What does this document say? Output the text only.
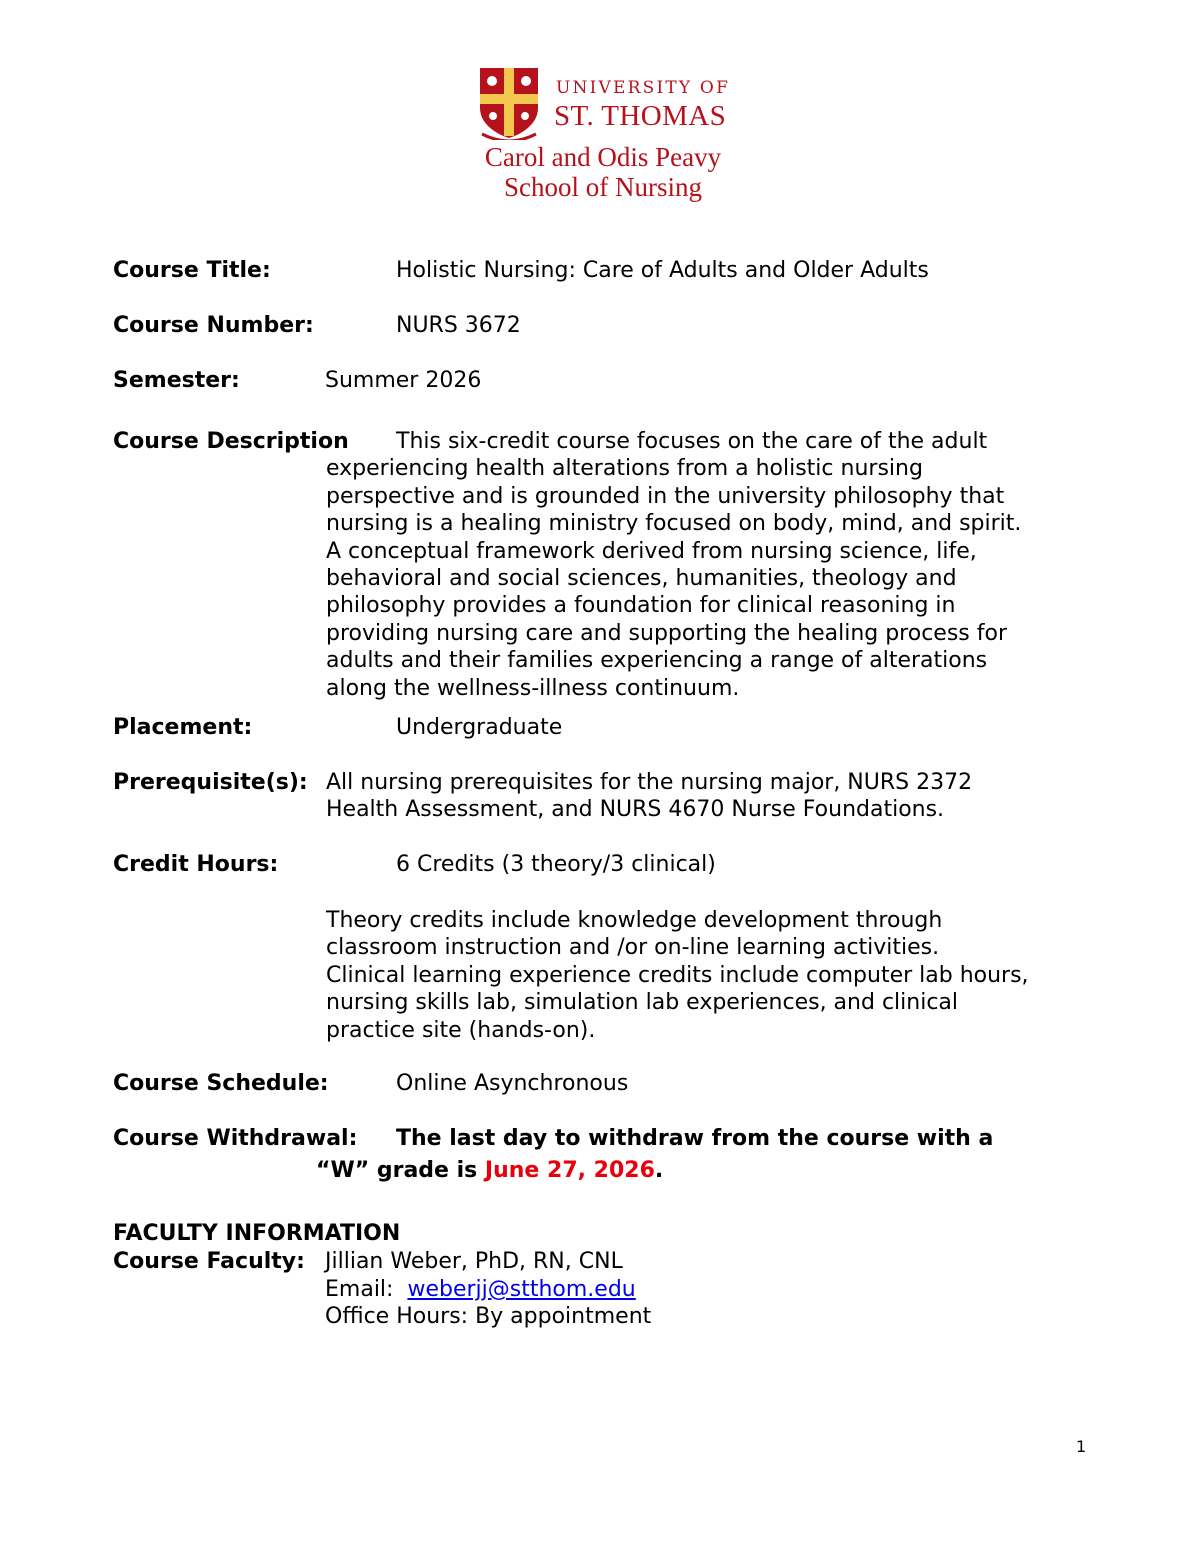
UNIVERSITY OF
ST. THOMAS
Carol and Odis Peavy
School of Nursing
Course Title:	Holistic Nursing: Care of Adults and Older Adults
Course Number:	NURS 3672
Semester:	Summer 2026
Course Description	This six-credit course focuses on the care of the adult
experiencing health alterations from a holistic nursing
perspective and is grounded in the university philosophy that
nursing is a healing ministry focused on body, mind, and spirit.
A conceptual framework derived from nursing science, life,
behavioral and social sciences, humanities, theology and
philosophy provides a foundation for clinical reasoning in
providing nursing care and supporting the healing process for
adults and their families experiencing a range of alterations
along the wellness-illness continuum.
Placement:	Undergraduate
Prerequisite(s): All nursing prerequisites for the nursing major, NURS 2372
Health Assessment, and NURS 4670 Nurse Foundations.
Credit Hours:	6 Credits (3 theory/3 clinical)
Theory credits include knowledge development through
classroom instruction and /or on-line learning activities.
Clinical learning experience credits include computer lab hours,
nursing skills lab, simulation lab experiences, and clinical
practice site (hands-on).
Course Schedule:	Online Asynchronous
Course Withdrawal: The last day to withdraw from the course with a
“W” grade is June 27, 2026.
FACULTY INFORMATION
Course Faculty: Jillian Weber, PhD, RN, CNL
Email: weberjj@stthom.edu
Office Hours: By appointment
1
